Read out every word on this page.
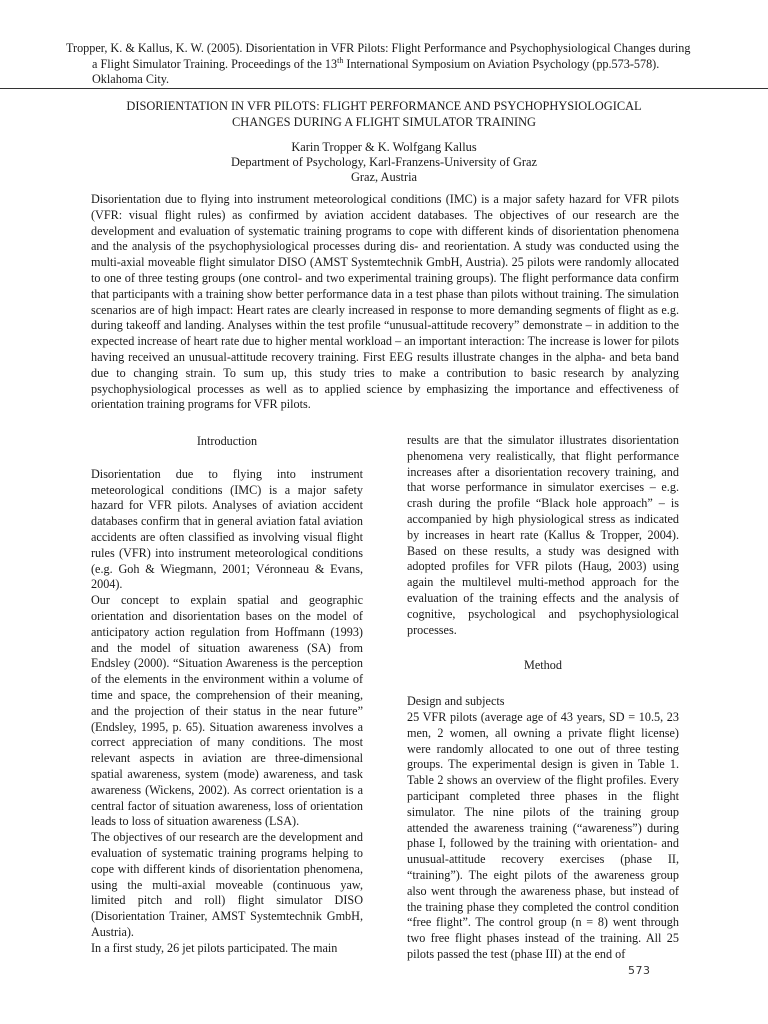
Tropper, K. & Kallus, K. W. (2005). Disorientation in VFR Pilots: Flight Performance and Psychophysiological Changes during
a Flight Simulator Training. Proceedings of the 13th International Symposium on Aviation Psychology (pp.573-578).
Oklahoma City.
DISORIENTATION IN VFR PILOTS: FLIGHT PERFORMANCE AND PSYCHOPHYSIOLOGICAL
CHANGES DURING A FLIGHT SIMULATOR TRAINING
Karin Tropper & K. Wolfgang Kallus
Department of Psychology, Karl-Franzens-University of Graz
Graz, Austria
Disorientation due to flying into instrument meteorological conditions (IMC) is a major safety hazard for VFR pilots (VFR: visual flight rules) as confirmed by aviation accident databases. The objectives of our research are the development and evaluation of systematic training programs to cope with different kinds of disorientation phenomena and the analysis of the psychophysiological processes during dis- and reorientation. A study was conducted using the multi-axial moveable flight simulator DISO (AMST Systemtechnik GmbH, Austria). 25 pilots were randomly allocated to one of three testing groups (one control- and two experimental training groups). The flight performance data confirm that participants with a training show better performance data in a test phase than pilots without training. The simulation scenarios are of high impact: Heart rates are clearly increased in response to more demanding segments of flight as e.g. during takeoff and landing. Analyses within the test profile “unusual-attitude recovery” demonstrate – in addition to the expected increase of heart rate due to higher mental workload – an important interaction: The increase is lower for pilots having received an unusual-attitude recovery training. First EEG results illustrate changes in the alpha- and beta band due to changing strain. To sum up, this study tries to make a contribution to basic research by analyzing psychophysiological processes as well as to applied science by emphasizing the importance and effectiveness of orientation training programs for VFR pilots.

Introduction

Disorientation due to flying into instrument meteorological conditions (IMC) is a major safety hazard for VFR pilots. Analyses of aviation accident databases confirm that in general aviation fatal aviation accidents are often classified as involving visual flight rules (VFR) into instrument meteorological conditions (e.g. Goh & Wiegmann, 2001; Véronneau & Evans, 2004).

Our concept to explain spatial and geographic orientation and disorientation bases on the model of anticipatory action regulation from Hoffmann (1993) and the model of situation awareness (SA) from Endsley (2000). “Situation Awareness is the perception of the elements in the environment within a volume of time and space, the comprehension of their meaning, and the projection of their status in the near future” (Endsley, 1995, p. 65). Situation awareness involves a correct appreciation of many conditions. The most relevant aspects in aviation are three-dimensional spatial awareness, system (mode) awareness, and task awareness (Wickens, 2002). As correct orientation is a central factor of situation awareness, loss of orientation leads to loss of situation awareness (LSA).

The objectives of our research are the development and evaluation of systematic training programs helping to cope with different kinds of disorientation phenomena, using the multi-axial moveable (continuous yaw, limited pitch and roll) flight simulator DISO (Disorientation Trainer, AMST Systemtechnik GmbH, Austria).

In a first study, 26 jet pilots participated. The main

results are that the simulator illustrates disorientation phenomena very realistically, that flight performance increases after a disorientation recovery training, and that worse performance in simulator exercises – e.g. crash during the profile “Black hole approach” – is accompanied by high physiological stress as indicated by increases in heart rate (Kallus & Tropper, 2004). Based on these results, a study was designed with adopted profiles for VFR pilots (Haug, 2003) using again the multilevel multi-method approach for the evaluation of the training effects and the analysis of cognitive, psychological and psychophysiological processes.

Method

Design and subjects

25 VFR pilots (average age of 43 years, SD = 10.5, 23 men, 2 women, all owning a private flight license) were randomly allocated to one out of three testing groups. The experimental design is given in Table 1. Table 2 shows an overview of the flight profiles. Every participant completed three phases in the flight simulator. The nine pilots of the training group attended the awareness training (“awareness”) during phase I, followed by the training with orientation- and unusual-attitude recovery exercises (phase II, “training”). The eight pilots of the awareness group also went through the awareness phase, but instead of the training phase they completed the control condition “free flight”. The control group (n = 8) went through two free flight phases instead of the training. All 25 pilots passed the test (phase III) at the end of

573
